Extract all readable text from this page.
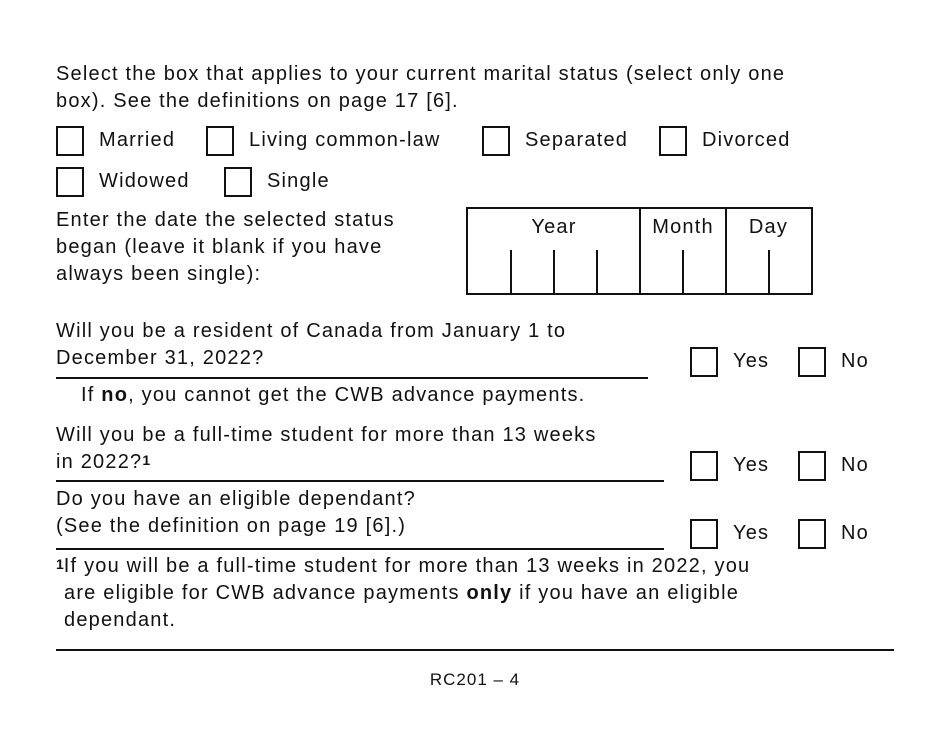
Select the box that applies to your current marital status (select only one
box). See the definitions on page 17 [6].
Married	Living common-law	Separated	Divorced
Widowed	Single
Enter the date the selected status
began (leave it blank if you have
always been single):
Year	Month	Day
Will you be a resident of Canada from January 1 to
December 31, 2022?	Yes	No
If no, you cannot get the CWB advance payments.
Will you be a full-time student for more than 13 weeks
in 2022?$^1$	Yes	No
Do you have an eligible dependant?
(See the definition on page 19 [6].)	Yes	No
$^1$If you will be a full-time student for more than 13 weeks in 2022, you
are eligible for CWB advance payments only if you have an eligible
dependant.
RC201 – 4
